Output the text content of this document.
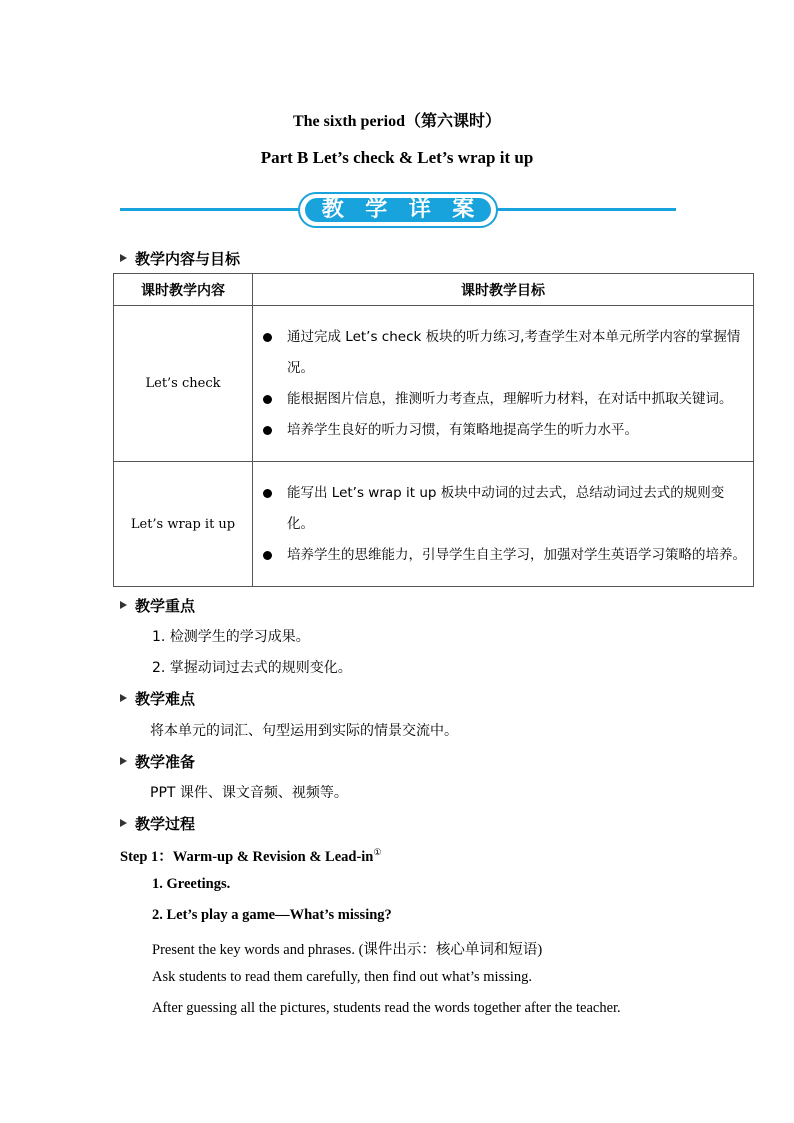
The sixth period（第六课时）
Part B Let’s check & Let’s wrap it up
教 学 详 案
教学内容与目标
课时教学内容	课时教学目标
Let’s check	通过完成 Let’s check 板块的听力练习,考查学生对本单元所学内容的掌握情况。
能根据图片信息，推测听力考查点，理解听力材料，在对话中抓取关键词。
培养学生良好的听力习惯，有策略地提高学生的听力水平。

Let’s wrap it up	能写出 Let’s wrap it up 板块中动词的过去式，总结动词过去式的规则变化。
培养学生的思维能力，引导学生自主学习，加强对学生英语学习策略的培养。
教学重点
1. 检测学生的学习成果。
2. 掌握动词过去式的规则变化。
教学难点
将本单元的词汇、句型运用到实际的情景交流中。
教学准备
PPT 课件、课文音频、视频等。
教学过程
Step 1：Warm-up & Revision & Lead-in①
1. Greetings.
2. Let’s play a game—What’s missing?
Present the key words and phrases. (课件出示：核心单词和短语)
Ask students to read them carefully, then find out what’s missing.
After guessing all the pictures, students read the words together after the teacher.
